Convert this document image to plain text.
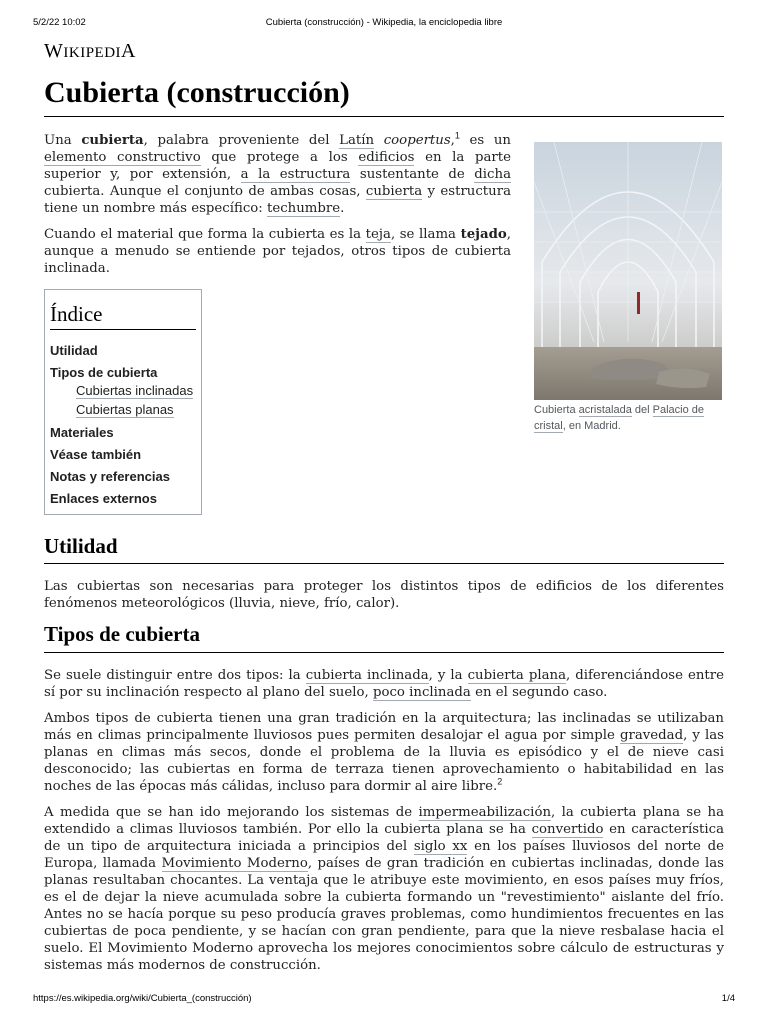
5/2/22 10:02	Cubierta (construcción) - Wikipedia, la enciclopedia libre
WIKIPEDIA
Cubierta (construcción)
Cubierta acristalada del Palacio de cristal, en Madrid.

Una cubierta, palabra proveniente del Latín coopertus,$^1$ es un elemento constructivo que protege a los edificios en la parte superior y, por extensión, a la estructura sustentante de dicha cubierta. Aunque el conjunto de ambas cosas, cubierta y estructura tiene un nombre más específico: techumbre.

Cuando el material que forma la cubierta es la teja, se llama tejado, aunque a menudo se entiende por tejados, otros tipos de cubierta inclinada.

Índice
Utilidad
Tipos de cubierta
Cubiertas inclinadas
Cubiertas planas
Materiales
Véase también
Notas y referencias
Enlaces externos
Utilidad

Las cubiertas son necesarias para proteger los distintos tipos de edificios de los diferentes fenómenos meteorológicos (lluvia, nieve, frío, calor).

Tipos de cubierta

Se suele distinguir entre dos tipos: la cubierta inclinada, y la cubierta plana, diferenciándose entre sí por su inclinación respecto al plano del suelo, poco inclinada en el segundo caso.

Ambos tipos de cubierta tienen una gran tradición en la arquitectura; las inclinadas se utilizaban más en climas principalmente lluviosos pues permiten desalojar el agua por simple gravedad, y las planas en climas más secos, donde el problema de la lluvia es episódico y el de nieve casi desconocido; las cubiertas en forma de terraza tienen aprovechamiento o habitabilidad en las noches de las épocas más cálidas, incluso para dormir al aire libre.$^2$

A medida que se han ido mejorando los sistemas de impermeabilización, la cubierta plana se ha extendido a climas lluviosos también. Por ello la cubierta plana se ha convertido en característica de un tipo de arquitectura iniciada a principios del siglo xx en los países lluviosos del norte de Europa, llamada Movimiento Moderno, países de gran tradición en cubiertas inclinadas, donde las planas resultaban chocantes. La ventaja que le atribuye este movimiento, en esos países muy fríos, es el de dejar la nieve acumulada sobre la cubierta formando un "revestimiento" aislante del frío. Antes no se hacía porque su peso producía graves problemas, como hundimientos frecuentes en las cubiertas de poca pendiente, y se hacían con gran pendiente, para que la nieve resbalase hacia el suelo. El Movimiento Moderno aprovecha los mejores conocimientos sobre cálculo de estructuras y sistemas más modernos de construcción.

https://es.wikipedia.org/wiki/Cubierta_(construcción)	1/4
